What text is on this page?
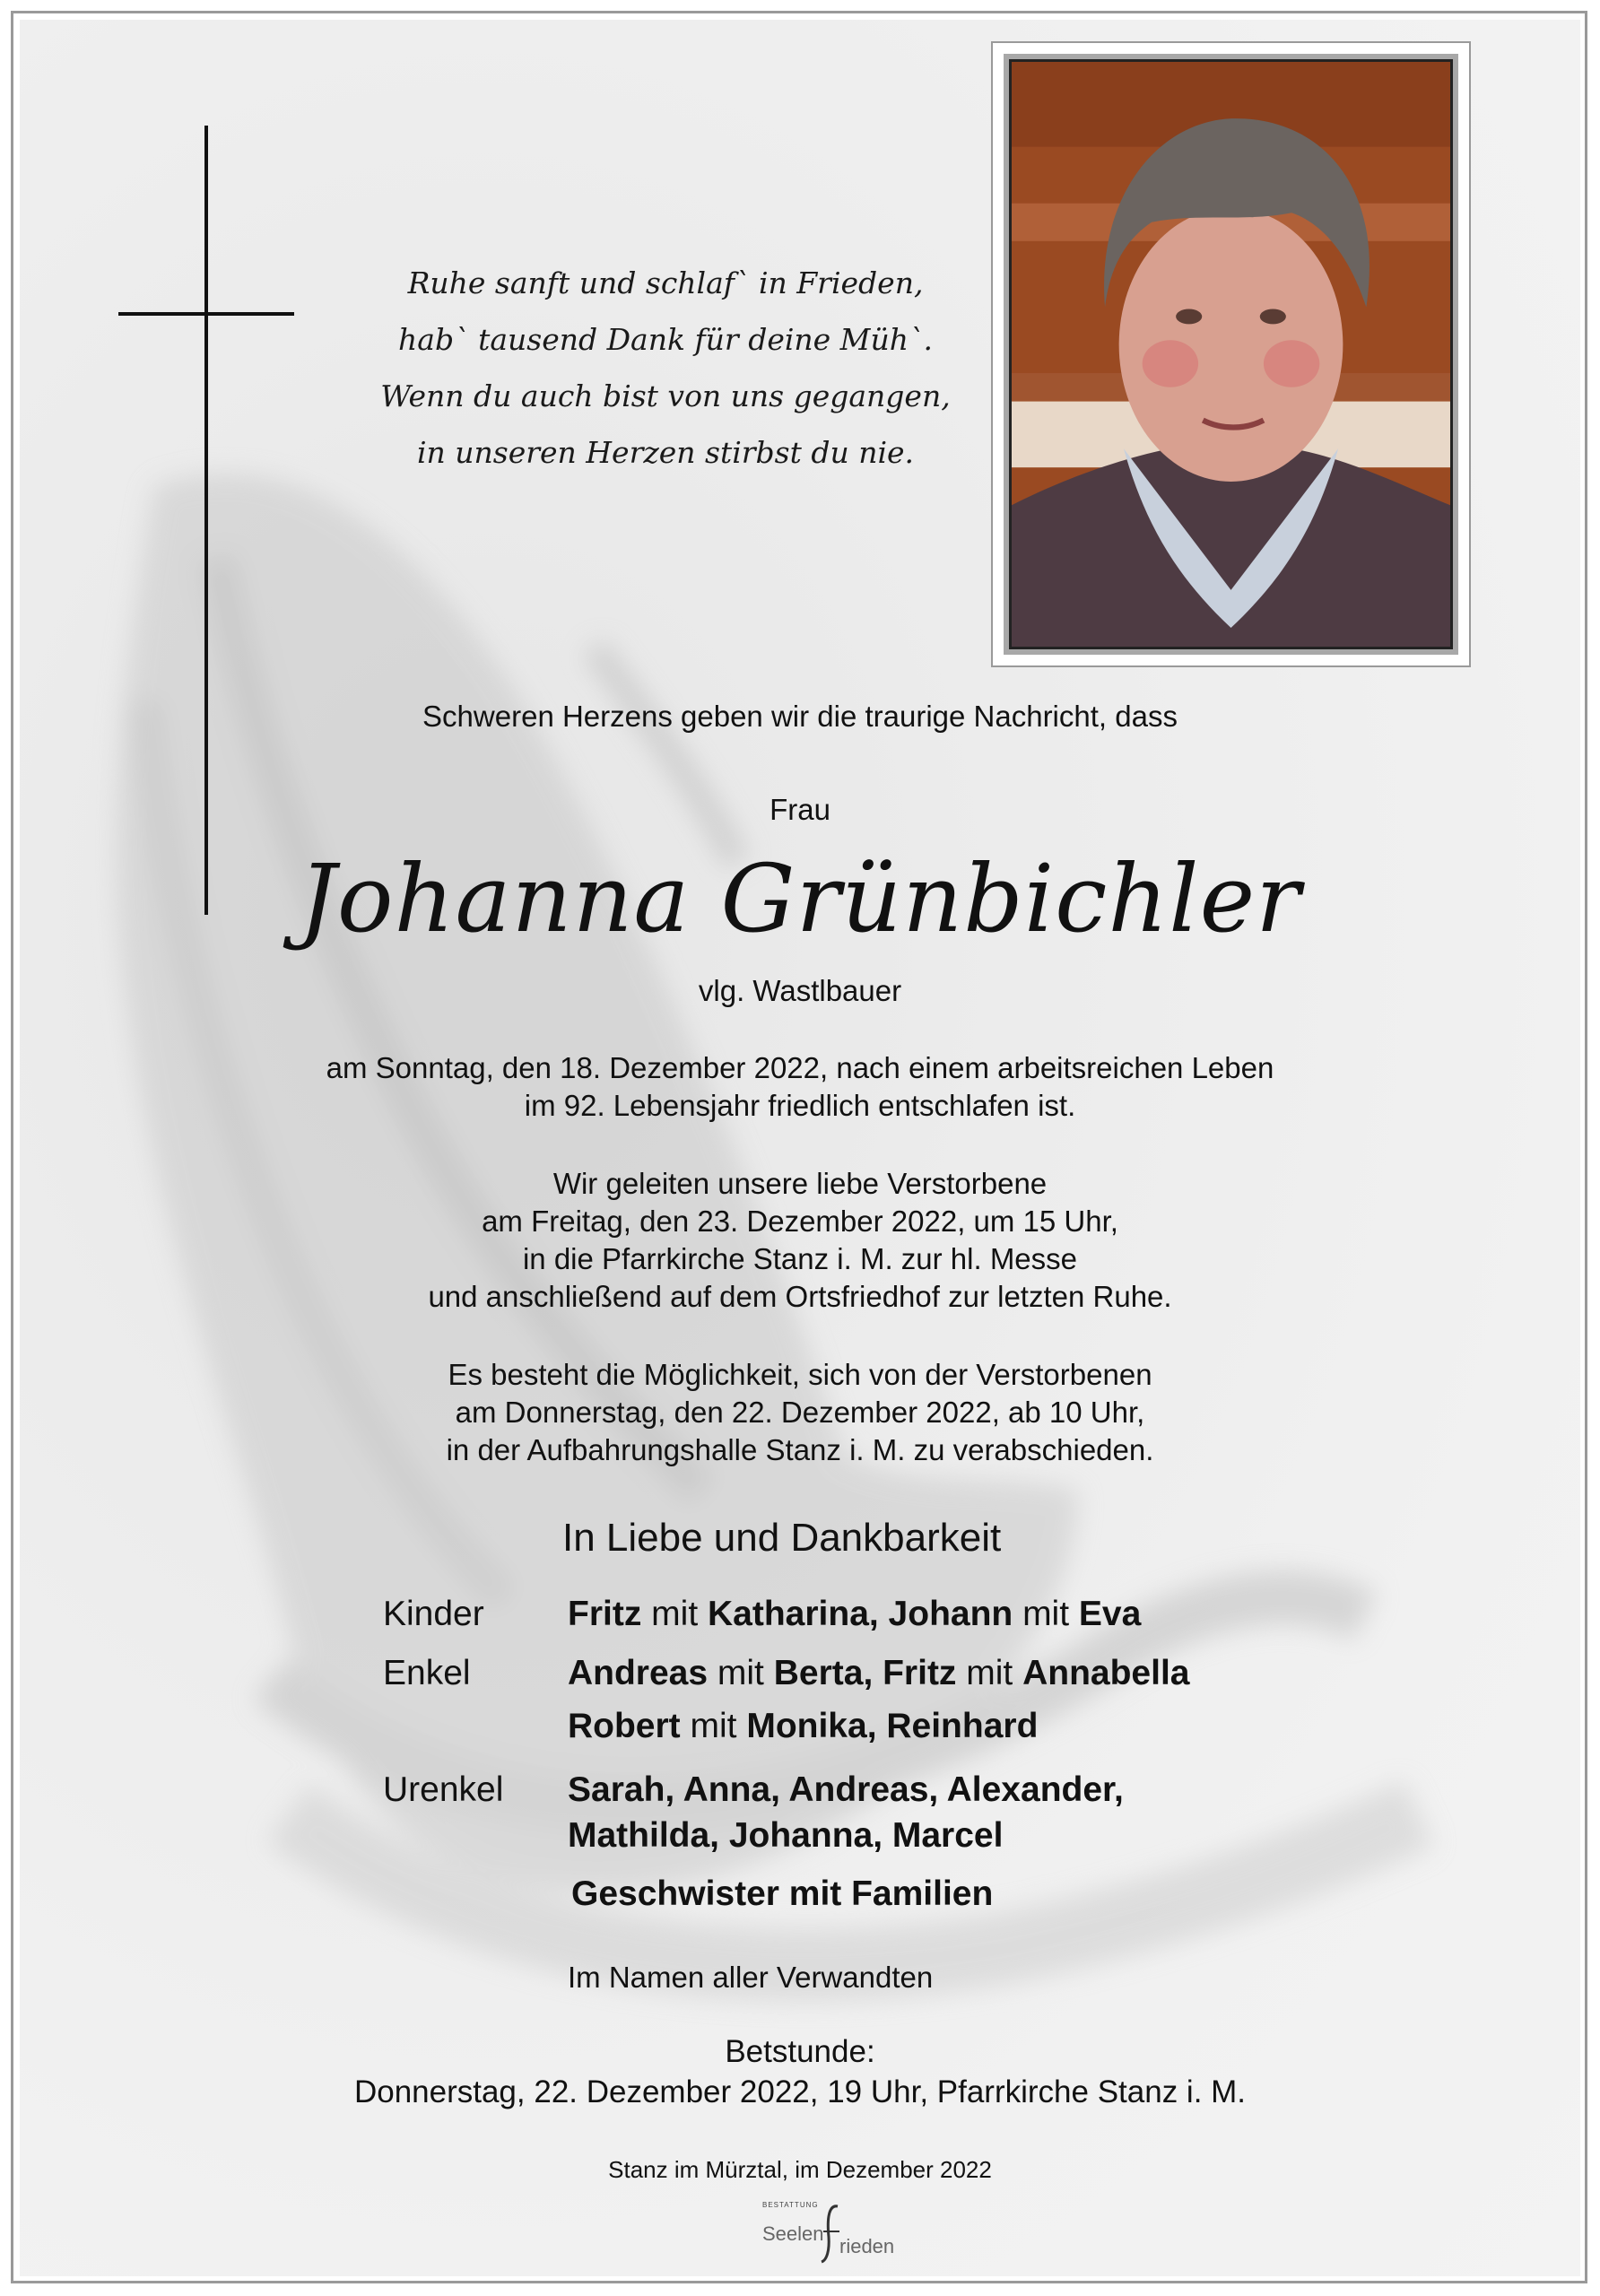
Ruhe sanft und schlaf` in Frieden,
hab` tausend Dank für deine Müh`.
Wenn du auch bist von uns gegangen,
in unseren Herzen stirbst du nie.
Schweren Herzens geben wir die traurige Nachricht, dass
Frau
Johanna Grünbichler
vlg. Wastlbauer
am Sonntag, den 18. Dezember 2022, nach einem arbeitsreichen Leben
im 92. Lebensjahr friedlich entschlafen ist.
Wir geleiten unsere liebe Verstorbene
am Freitag, den 23. Dezember 2022, um 15 Uhr,
in die Pfarrkirche Stanz i. M. zur hl. Messe
und anschließend auf dem Ortsfriedhof zur letzten Ruhe.
Es besteht die Möglichkeit, sich von der Verstorbenen
am Donnerstag, den 22. Dezember 2022, ab 10 Uhr,
in der Aufbahrungshalle Stanz i. M. zu verabschieden.
In Liebe und Dankbarkeit
Kinder Fritz mit Katharina, Johann mit Eva
Enkel	Andreas mit Berta, Fritz mit Annabella
Robert mit Monika, Reinhard
Urenkel Sarah, Anna, Andreas, Alexander,
Mathilda, Johanna, Marcel
Geschwister mit Familien
Im Namen aller Verwandten
Betstunde:
Donnerstag, 22. Dezember 2022, 19 Uhr, Pfarrkirche Stanz i. M.
Stanz im Mürztal, im Dezember 2022
BESTATTUNG
Seelen
rieden
